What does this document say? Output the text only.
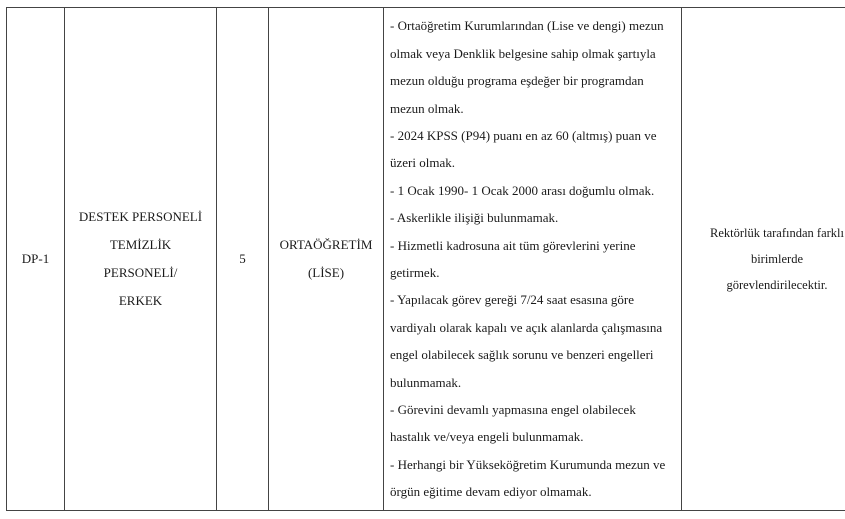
DP-1

DESTEK PERSONELİ
TEMİZLİK
PERSONELİ/
ERKEK

5

ORTAÖĞRETİM
(LİSE)

- Ortaöğretim Kurumlarından (Lise ve dengi) mezun olmak veya Denklik belgesine sahip olmak şartıyla mezun olduğu programa eşdeğer bir programdan mezun olmak.
- 2024 KPSS (P94) puanı en az 60 (altmış) puan ve üzeri olmak.
- 1 Ocak 1990- 1 Ocak 2000 arası doğumlu olmak.
- Askerlikle ilişiği bulunmamak.
- Hizmetli kadrosuna ait tüm görevlerini yerine getirmek.
- Yapılacak görev gereği 7/24 saat esasına göre vardiyalı olarak kapalı ve açık alanlarda çalışmasına engel olabilecek sağlık sorunu ve benzeri engelleri bulunmamak.
- Görevini devamlı yapmasına engel olabilecek hastalık ve/veya engeli bulunmamak.
- Herhangi bir Yükseköğretim Kurumunda mezun ve örgün eğitime devam ediyor olmamak.

Rektörlük tarafından farklı
birimlerde
görevlendirilecektir.
